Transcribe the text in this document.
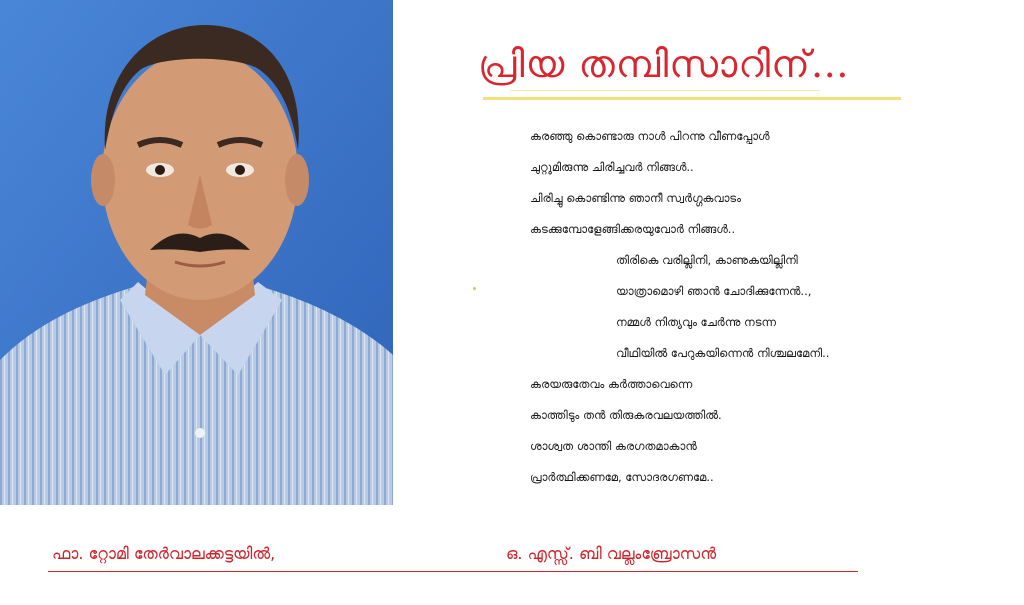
പ്രിയ തമ്പിസാറിന്…
കരഞ്ഞു കൊണ്ടാരു നാൾ പിറന്നു വീണപ്പോൾ
ചുറ്റുമിരുന്നു ചിരിച്ചവർ നിങ്ങൾ..
ചിരിച്ചു കൊണ്ടിന്നു ഞാനീ സ്വർഗ്ഗകവാടം
കടക്കുമ്പോളേങ്ങിക്കരയുവോർ നിങ്ങൾ..
തിരികെ വരില്ലിനി, കാണുകയില്ലിനി
യാത്രാമൊഴി ഞാൻ ചോദിക്കുന്നേൻ..,
നമ്മൾ നിത്യവും ചേർന്നു നടന്ന
വീഥിയിൽ പേറുകയിന്നെൻ നിശ്ചലമേനി..
കരയരുതേവം കർത്താവെന്നെ
കാത്തിടും തൻ തിരുകരവലയത്തിൽ.
ശാശ്വത ശാന്തി കരഗതമാകാൻ
പ്രാർത്ഥിക്കണമേ, സോദരഗണമേ..
ഫാ. റ്റോമി തേർവാലക്കട്ടയിൽ,	ഒ. എസ്സ്. ബി വല്ലംബ്രോസൻ
